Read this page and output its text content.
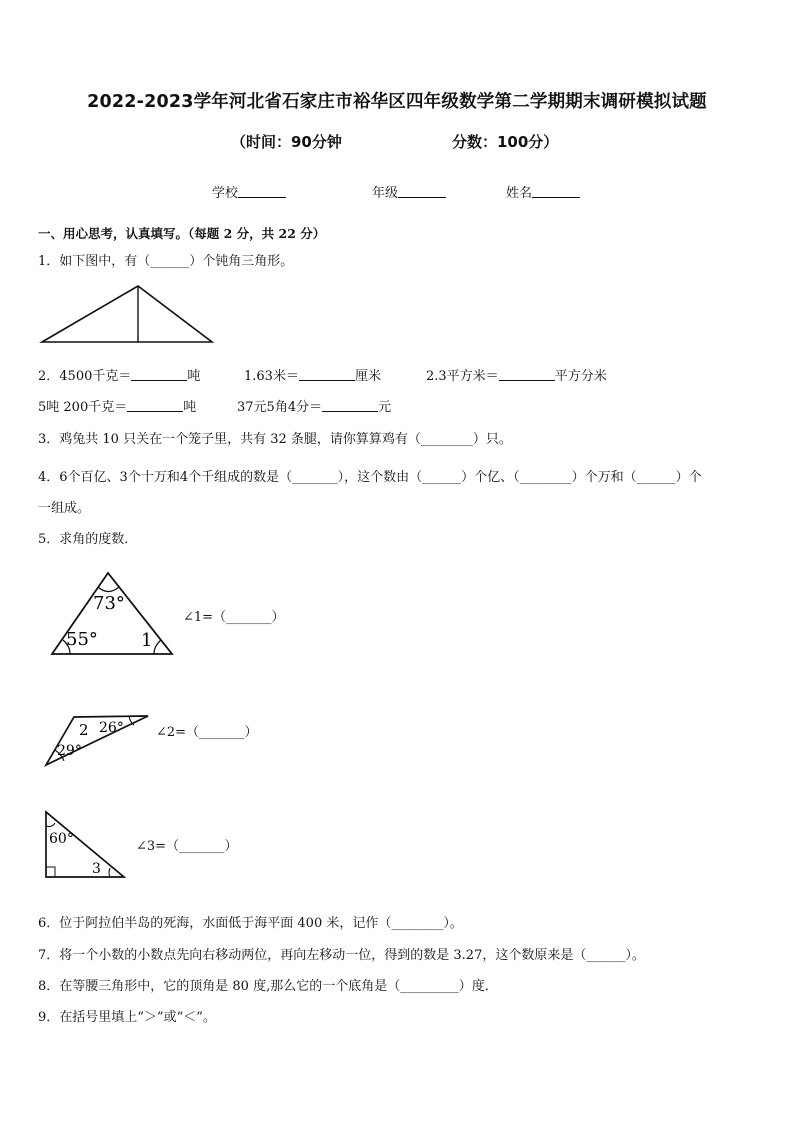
2022-2023学年河北省石家庄市裕华区四年级数学第二学期期末调研模拟试题
（时间：90分钟	分数：100分）
学校	年级	姓名
一、用心思考，认真填写。（每题 2 分，共 22 分）
1．如下图中，有（______）个钝角三角形。
2．4500千克＝	吨	1.63米＝	厘米	2.3平方米＝	平方分米
5吨 200千克＝	吨	37元5角4分＝	元
3．鸡兔共 10 只关在一个笼子里，共有 32 条腿，请你算算鸡有（________）只。
4．6个百亿、3个十万和4个千组成的数是（_______），这个数由（______）个亿、（________）个万和（______）个
一组成。
5．求角的度数．
73°
55° 1
∠1=（_______）
2 26°
29°
∠2=（_______）
60°
3
∠3=（_______）
6．位于阿拉伯半岛的死海，水面低于海平面 400 米，记作（________）。
7．将一个小数的小数点先向右移动两位，再向左移动一位，得到的数是 3.27，这个数原来是（______）。
8．在等腰三角形中，它的顶角是 80 度,那么它的一个底角是（_________）度．
9．在括号里填上“＞”或“＜”。
